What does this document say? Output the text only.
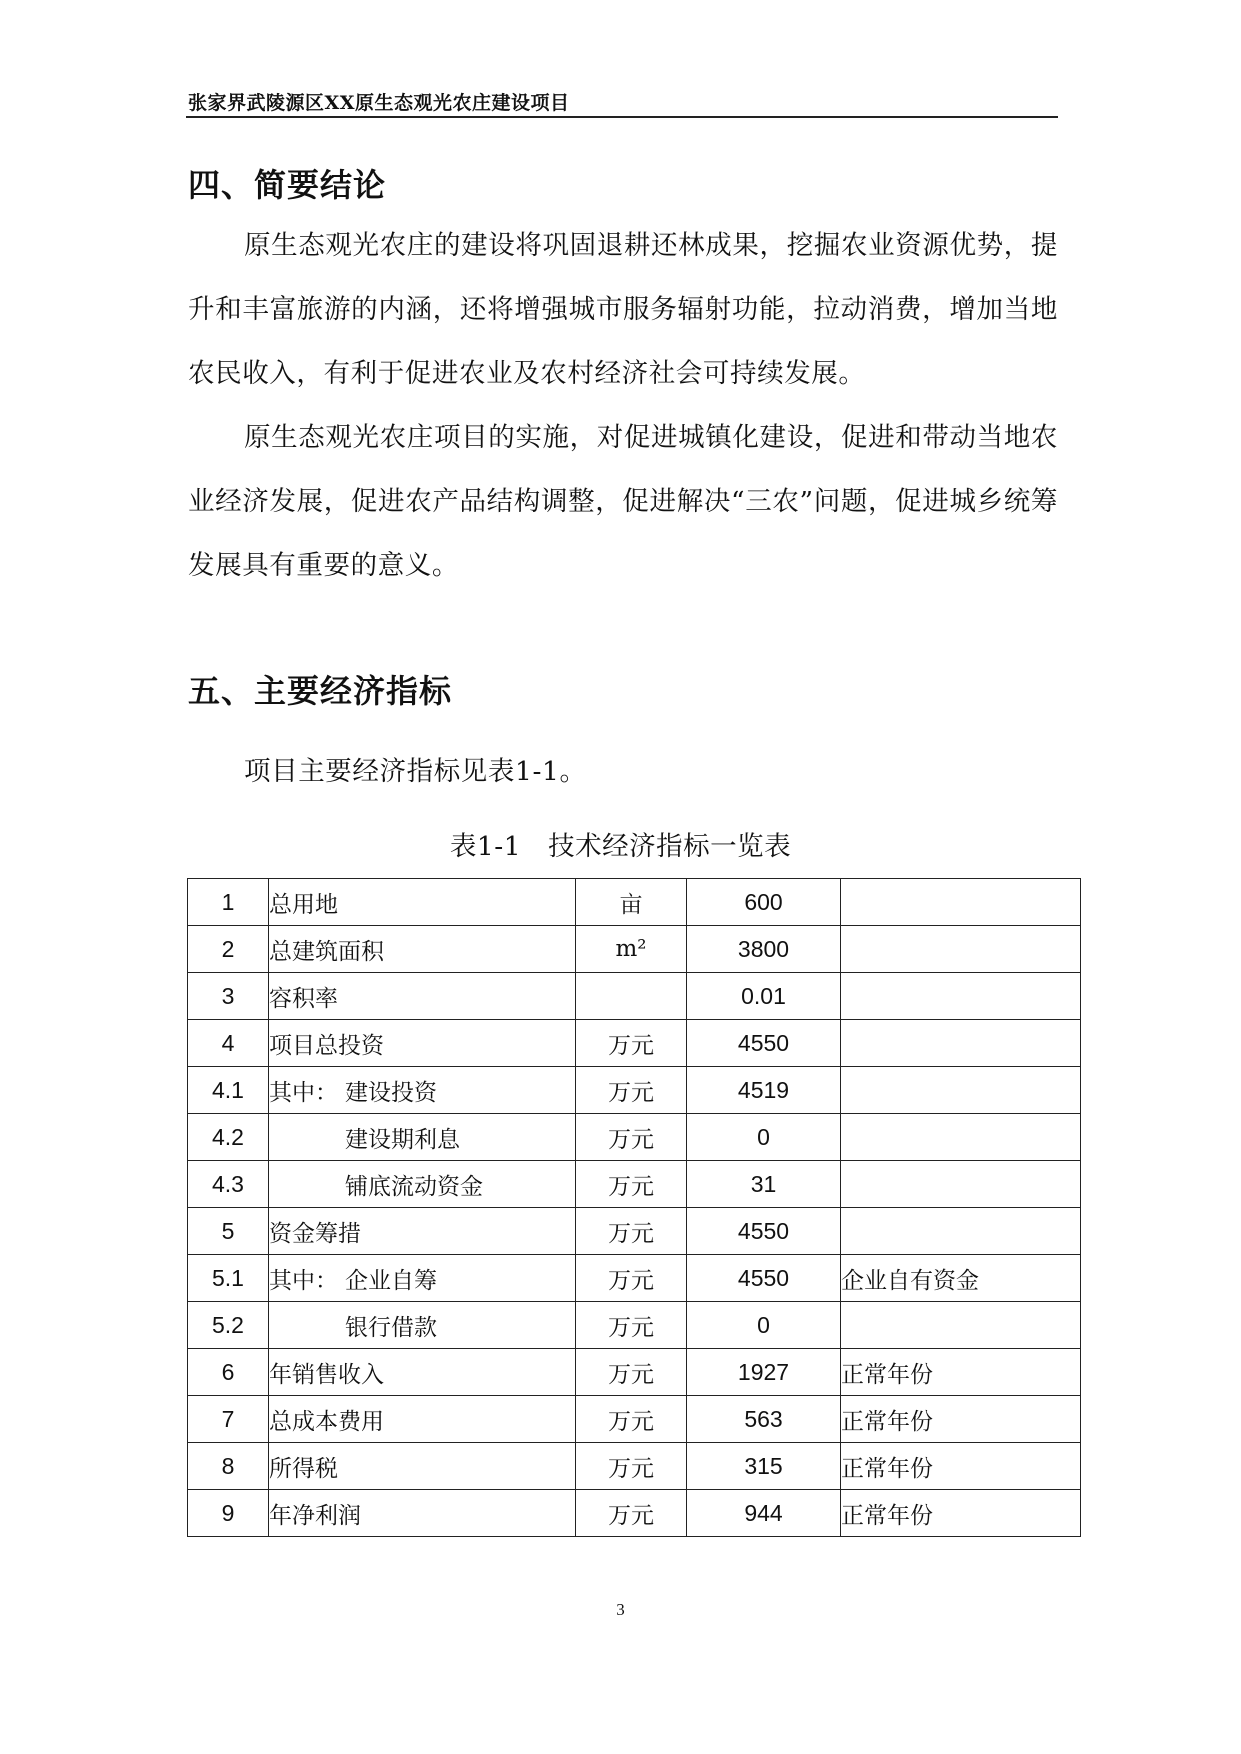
张家界武陵源区XX原生态观光农庄建设项目
四、简要结论

原生态观光农庄的建设将巩固退耕还林成果，挖掘农业资源优势，提升和丰富旅游的内涵，还将增强城市服务辐射功能，拉动消费，增加当地农民收入，有利于促进农业及农村经济社会可持续发展。

原生态观光农庄项目的实施，对促进城镇化建设，促进和带动当地农业经济发展，促进农产品结构调整，促进解决“三农”问题，促进城乡统筹发展具有重要的意义。

五、主要经济指标

项目主要经济指标见表1-1。

表1-1　技术经济指标一览表
1	总用地	亩	600	
2	总建筑面积	m²	3800	
3	容积率		0.01	
4	项目总投资	万元	4550	
4.1	其中： 建设投资	万元	4519	
4.2	建设期利息	万元	0	
4.3	铺底流动资金	万元	31	
5	资金筹措	万元	4550	
5.1	其中： 企业自筹	万元	4550	企业自有资金
5.2	银行借款	万元	0	
6	年销售收入	万元	1927	正常年份
7	总成本费用	万元	563	正常年份
8	所得税	万元	315	正常年份
9	年净利润	万元	944	正常年份
3
